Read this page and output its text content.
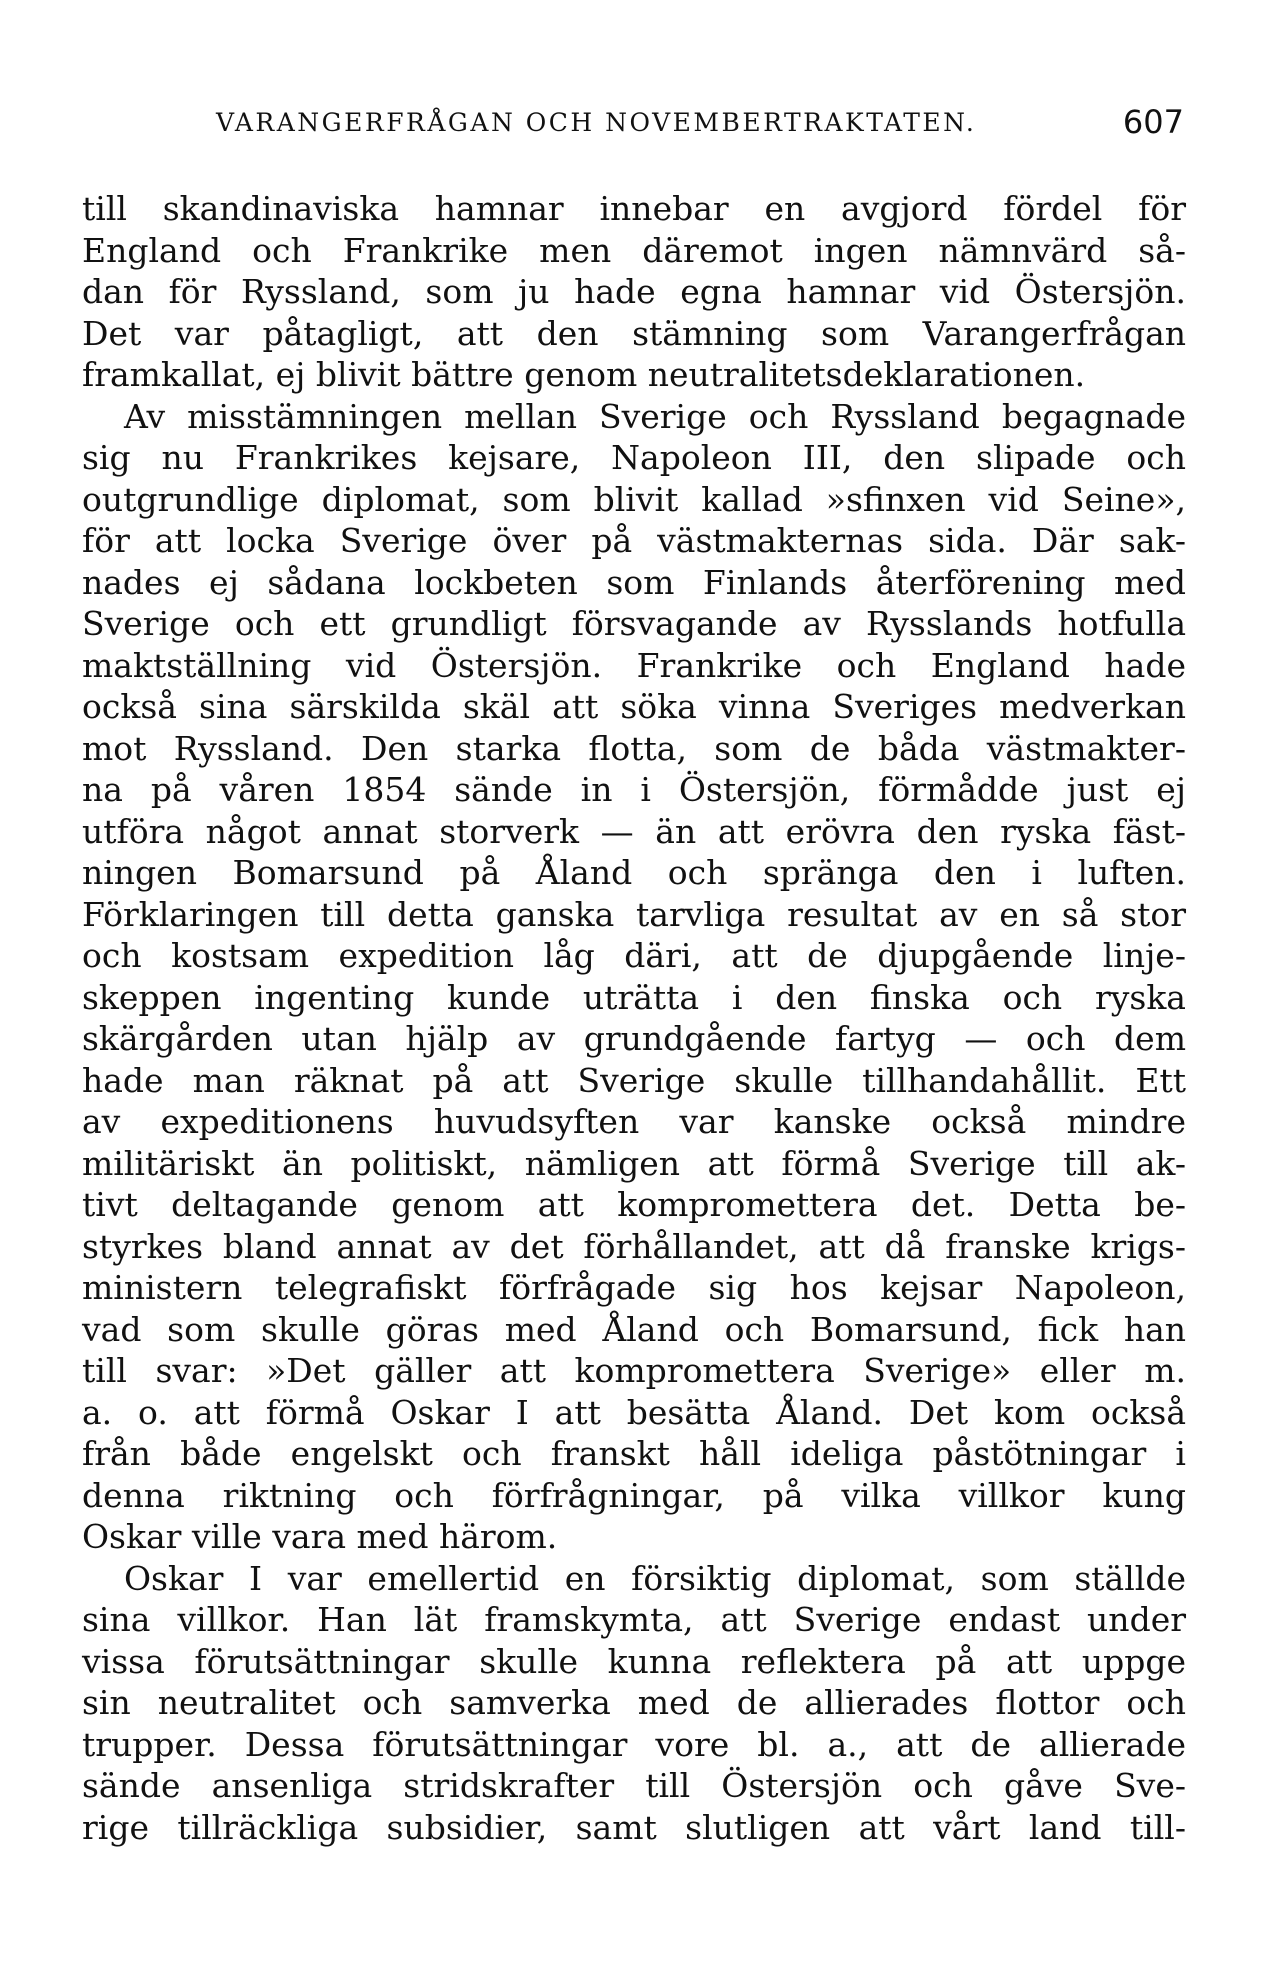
VARANGERFRÅGAN OCH NOVEMBERTRAKTATEN.	607
till skandinaviska hamnar innebar en avgjord fördel för
England och Frankrike men däremot ingen nämnvärd så-
dan för Ryssland, som ju hade egna hamnar vid Östersjön.
Det var påtagligt, att den stämning som Varangerfrågan
framkallat, ej blivit bättre genom neutralitetsdeklarationen.
Av misstämningen mellan Sverige och Ryssland begagnade
sig nu Frankrikes kejsare, Napoleon III, den slipade och
outgrundlige diplomat, som blivit kallad »sfinxen vid Seine»,
för att locka Sverige över på västmakternas sida. Där sak-
nades ej sådana lockbeten som Finlands återförening med
Sverige och ett grundligt försvagande av Rysslands hotfulla
maktställning vid Östersjön. Frankrike och England hade
också sina särskilda skäl att söka vinna Sveriges medverkan
mot Ryssland. Den starka flotta, som de båda västmakter-
na på våren 1854 sände in i Östersjön, förmådde just ej
utföra något annat storverk — än att erövra den ryska fäst-
ningen Bomarsund på Åland och spränga den i luften.
Förklaringen till detta ganska tarvliga resultat av en så stor
och kostsam expedition låg däri, att de djupgående linje-
skeppen ingenting kunde uträtta i den finska och ryska
skärgården utan hjälp av grundgående fartyg — och dem
hade man räknat på att Sverige skulle tillhandahållit. Ett
av expeditionens huvudsyften var kanske också mindre
militäriskt än politiskt, nämligen att förmå Sverige till ak-
tivt deltagande genom att kompromettera det. Detta be-
styrkes bland annat av det förhållandet, att då franske krigs-
ministern telegrafiskt förfrågade sig hos kejsar Napoleon,
vad som skulle göras med Åland och Bomarsund, fick han
till svar: »Det gäller att kompromettera Sverige» eller m.
a. o. att förmå Oskar I att besätta Åland. Det kom också
från både engelskt och franskt håll ideliga påstötningar i
denna riktning och förfrågningar, på vilka villkor kung
Oskar ville vara med härom.
Oskar I var emellertid en försiktig diplomat, som ställde
sina villkor. Han lät framskymta, att Sverige endast under
vissa förutsättningar skulle kunna reflektera på att uppge
sin neutralitet och samverka med de allierades flottor och
trupper. Dessa förutsättningar vore bl. a., att de allierade
sände ansenliga stridskrafter till Östersjön och gåve Sve-
rige tillräckliga subsidier, samt slutligen att vårt land till-
